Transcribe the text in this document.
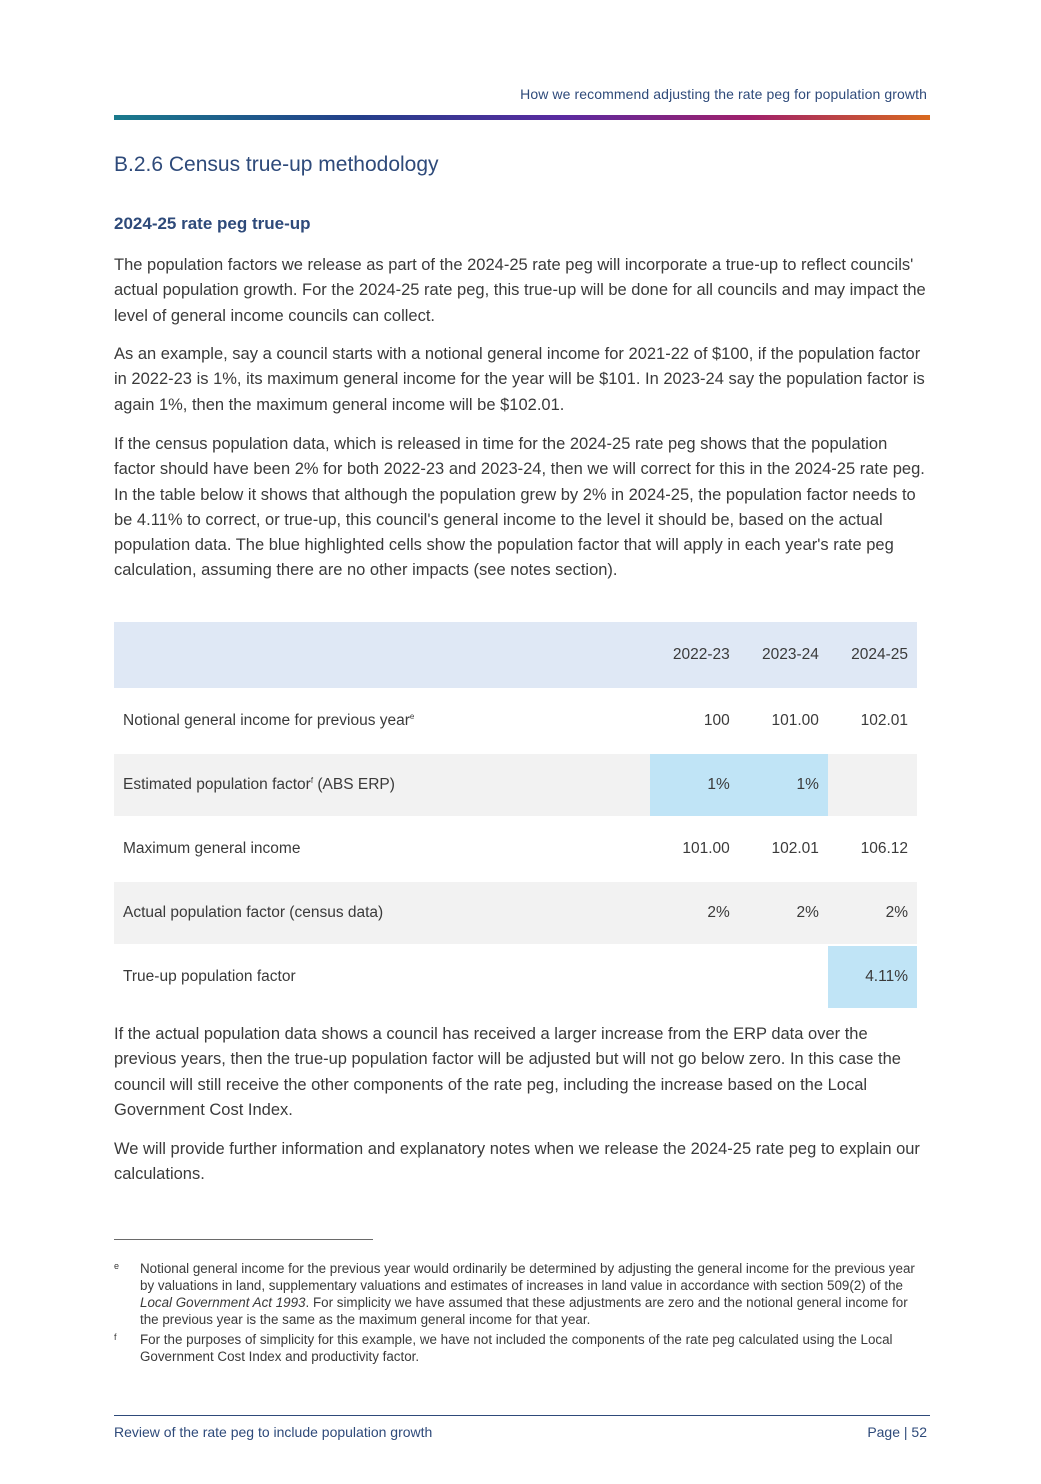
How we recommend adjusting the rate peg for population growth
B.2.6 Census true-up methodology
2024-25 rate peg true-up

The population factors we release as part of the 2024-25 rate peg will incorporate a true-up to reflect councils' actual population growth. For the 2024-25 rate peg, this true-up will be done for all councils and may impact the level of general income councils can collect.

As an example, say a council starts with a notional general income for 2021-22 of $100, if the population factor in 2022-23 is 1%, its maximum general income for the year will be $101. In 2023-24 say the population factor is again 1%, then the maximum general income will be $102.01.

If the census population data, which is released in time for the 2024-25 rate peg shows that the population factor should have been 2% for both 2022-23 and 2023-24, then we will correct for this in the 2024-25 rate peg. In the table below it shows that although the population grew by 2% in 2024-25, the population factor needs to be 4.11% to correct, or true-up, this council's general income to the level it should be, based on the actual population data. The blue highlighted cells show the population factor that will apply in each year's rate peg calculation, assuming there are no other impacts (see notes section).

	2022-23	2023-24	2024-25
Notional general income for previous year$^e$	100	101.00	102.01
Estimated population factor$^f$ (ABS ERP)	1%	1%	
Maximum general income	101.00	102.01	106.12
Actual population factor (census data)	2%	2%	2%
True-up population factor			4.11%

If the actual population data shows a council has received a larger increase from the ERP data over the previous years, then the true-up population factor will be adjusted but will not go below zero. In this case the council will still receive the other components of the rate peg, including the increase based on the Local Government Cost Index.

We will provide further information and explanatory notes when we release the 2024-25 rate peg to explain our calculations.

e Notional general income for the previous year would ordinarily be determined by adjusting the general income for the previous year by valuations in land, supplementary valuations and estimates of increases in land value in accordance with section 509(2) of the Local Government Act 1993. For simplicity we have assumed that these adjustments are zero and the notional general income for the previous year is the same as the maximum general income for that year.
f For the purposes of simplicity for this example, we have not included the components of the rate peg calculated using the Local Government Cost Index and productivity factor.
Review of the rate peg to include population growth	Page | 52
